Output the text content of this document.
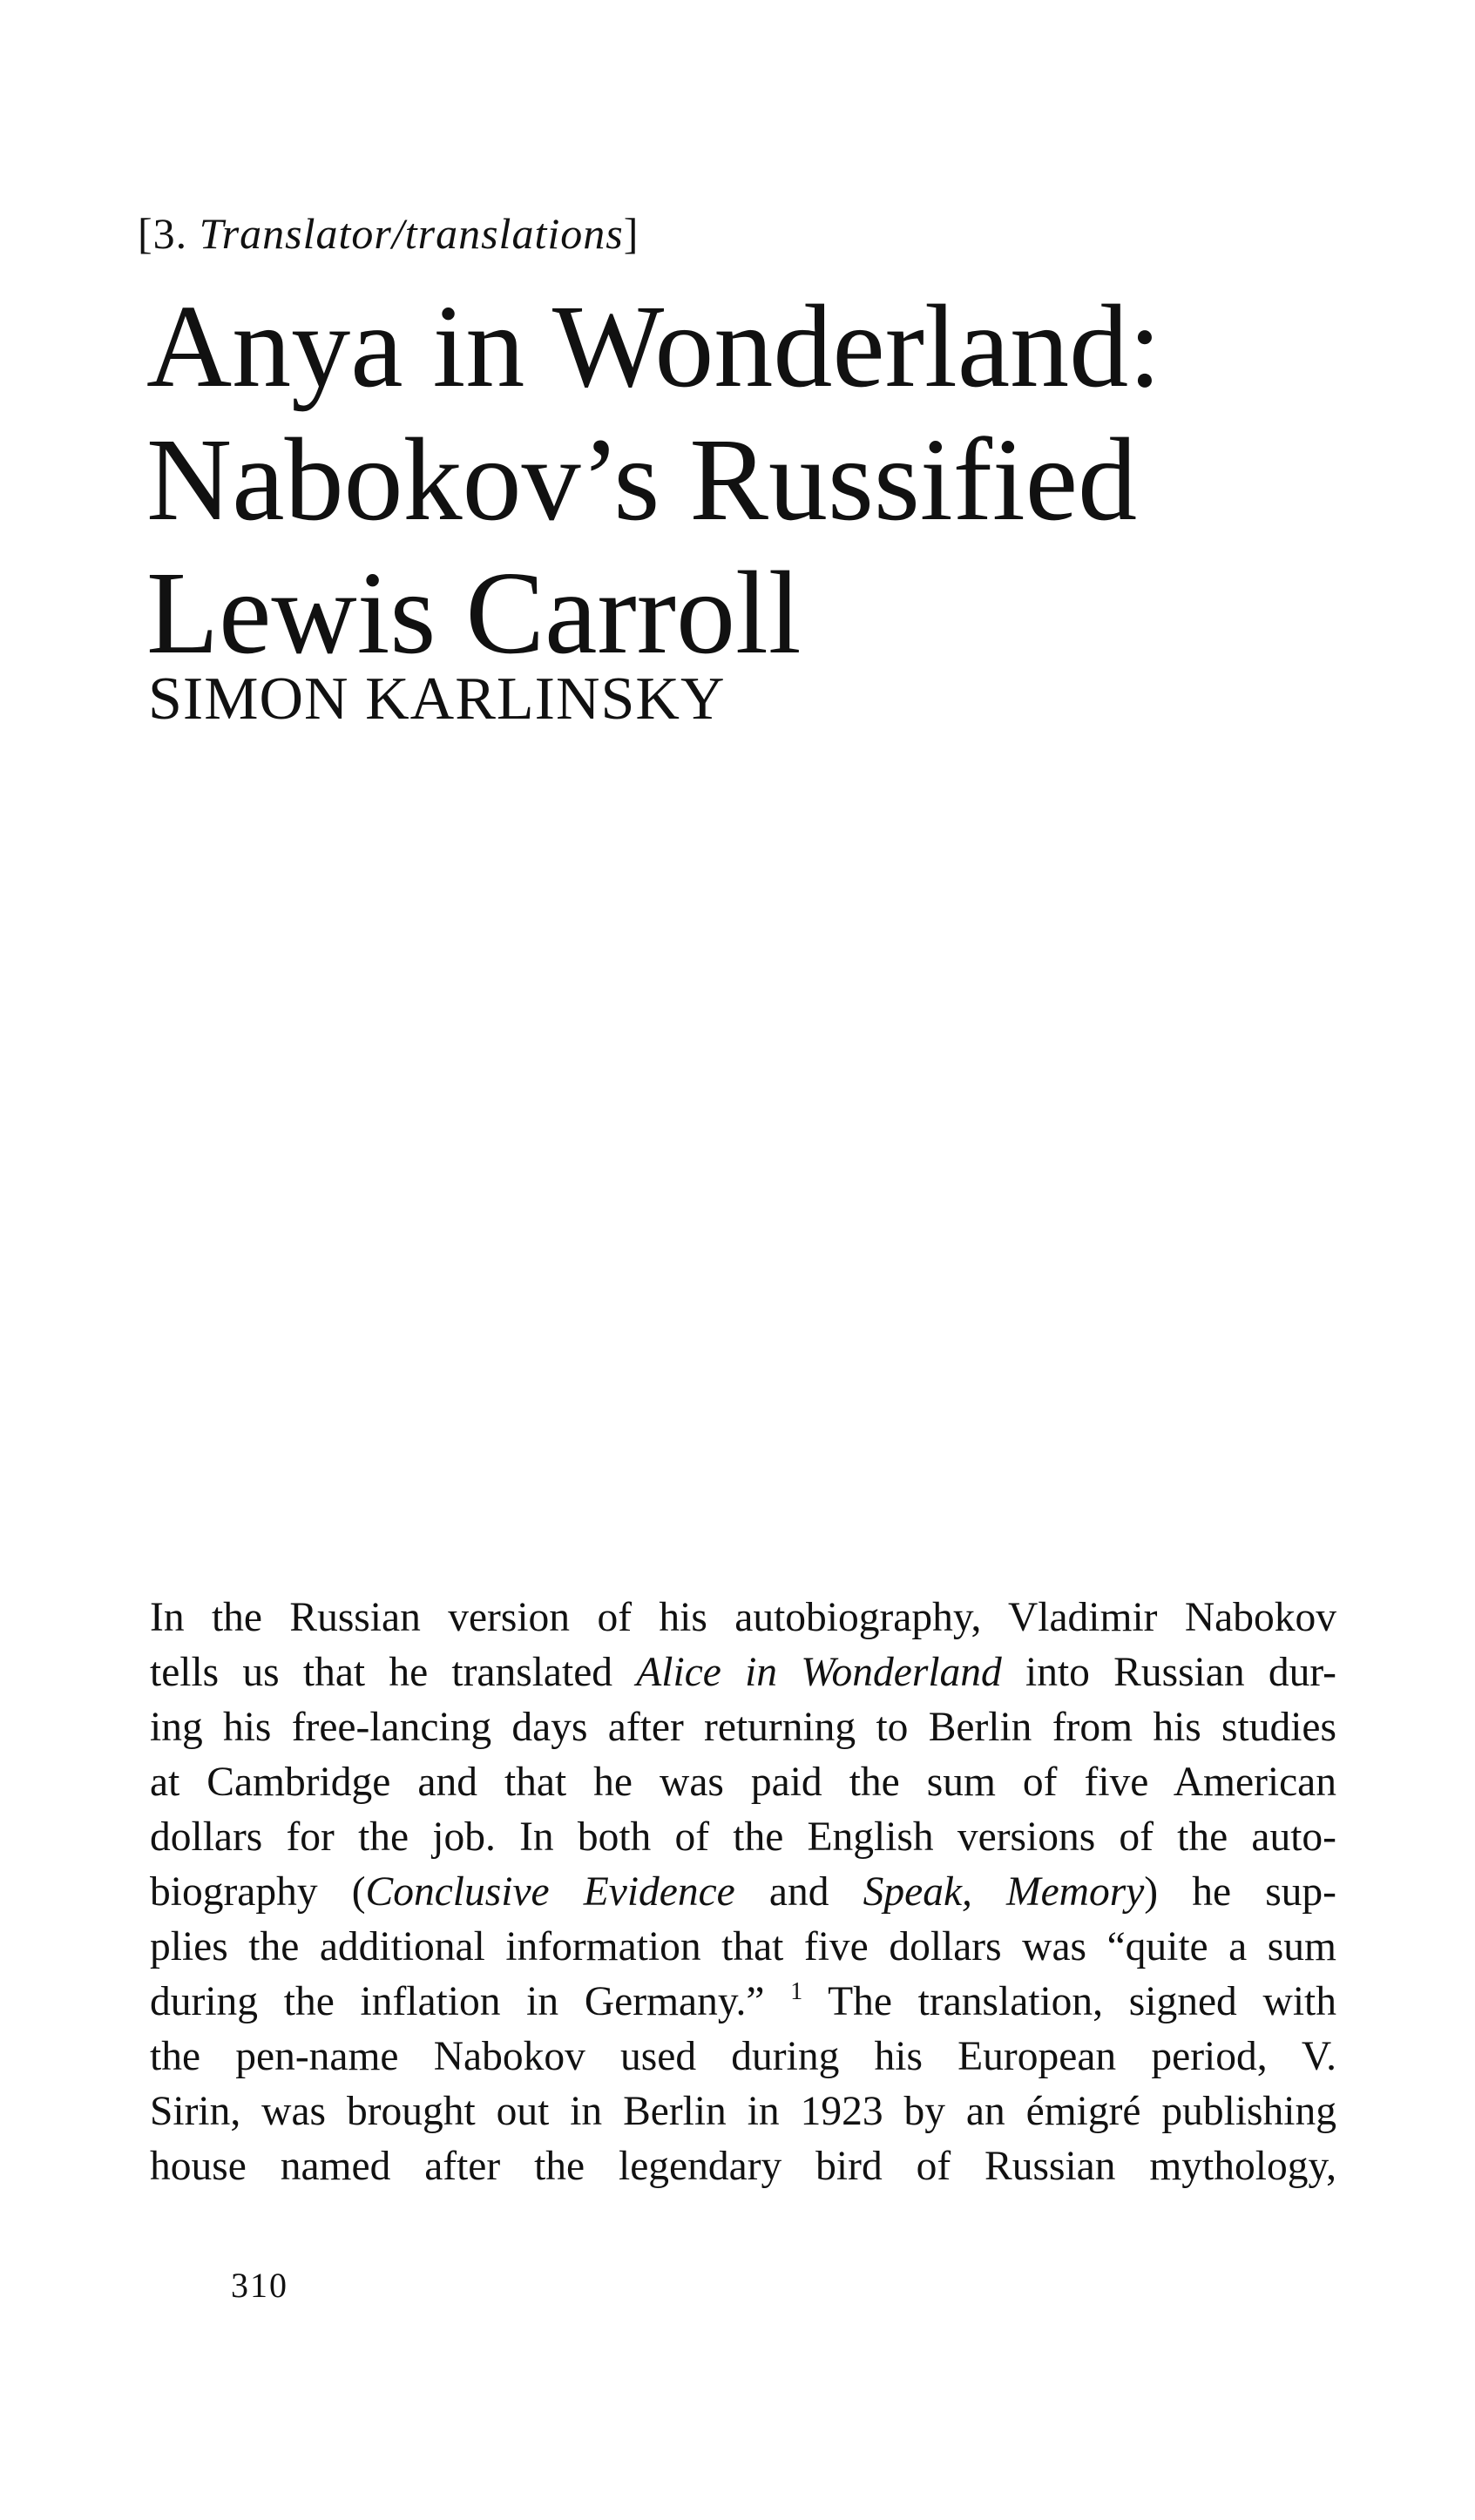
[3. Translator/translations]
Anya in Wonderland:
Nabokov’s Russified
Lewis Carroll
SIMON KARLINSKY
In the Russian version of his autobiography, Vladimir Nabokov
tells us that he translated Alice in Wonderland into Russian dur-
ing his free-lancing days after returning to Berlin from his studies
at Cambridge and that he was paid the sum of five American
dollars for the job. In both of the English versions of the auto-
biography (Conclusive Evidence and Speak, Memory) he sup-
plies the additional information that five dollars was “quite a sum
during the inflation in Germany.” $^1$ The translation, signed with
the pen-name Nabokov used during his European period, V.
Sirin, was brought out in Berlin in 1923 by an émigré publishing
house named after the legendary bird of Russian mythology,
310
